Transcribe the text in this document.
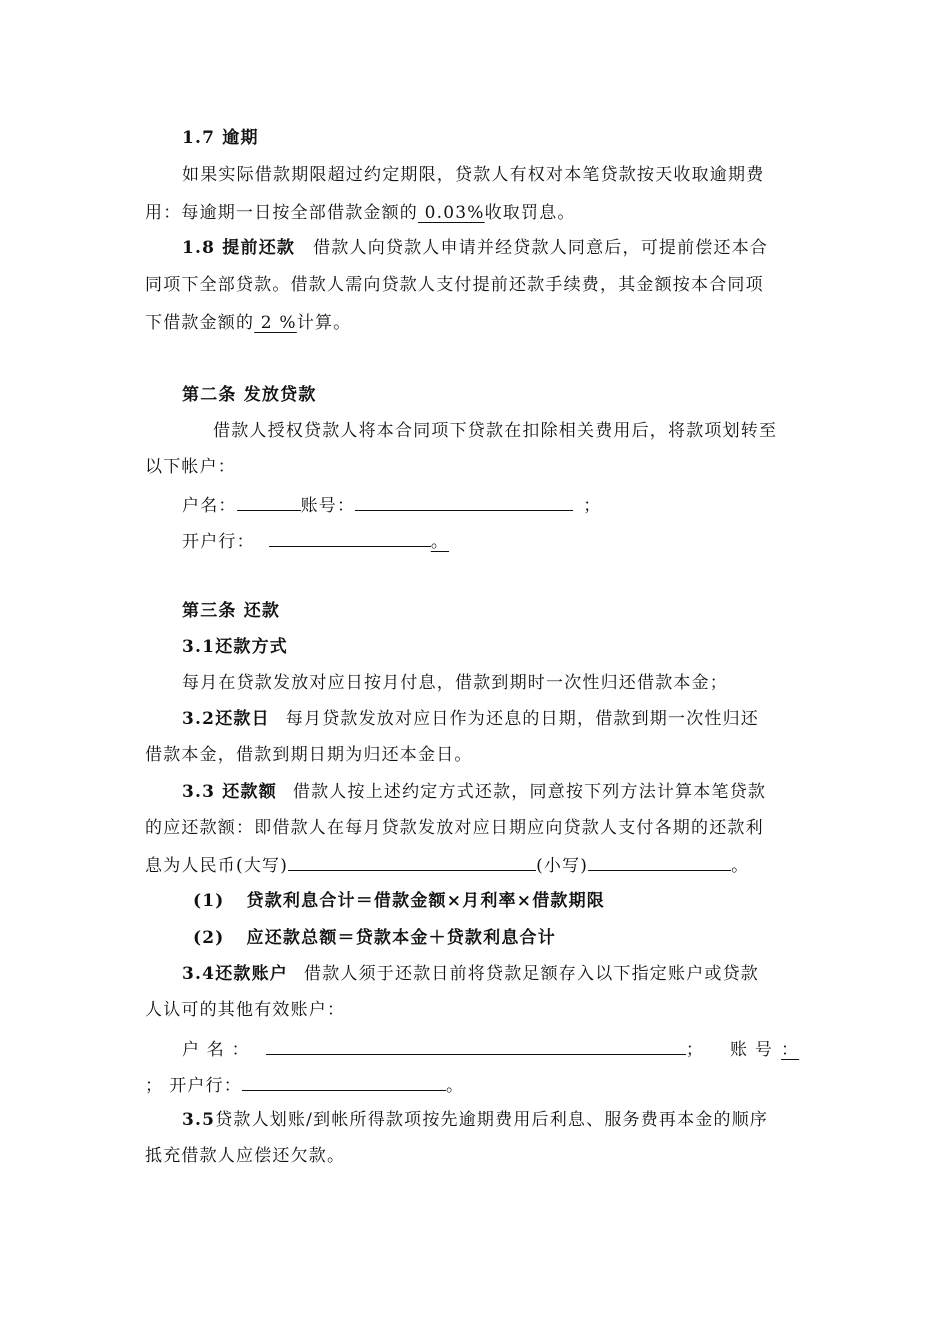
1.7 逾期
如果实际借款期限超过约定期限，贷款人有权对本笔贷款按天收取逾期费
用：每逾期一日按全部借款金额的 0.03%收取罚息。
1.8 提前还款 借款人向贷款人申请并经贷款人同意后，可提前偿还本合
同项下全部贷款。借款人需向贷款人支付提前还款手续费，其金额按本合同项
下借款金额的 2 %计算。
第二条 发放贷款
借款人授权贷款人将本合同项下贷款在扣除相关费用后，将款项划转至
以下帐户：
户名：	账号：	；
开户行：	。
第三条 还款
3.1还款方式
每月在贷款发放对应日按月付息，借款到期时一次性归还借款本金；
3.2还款日 每月贷款发放对应日作为还息的日期，借款到期一次性归还
借款本金，借款到期日期为归还本金日。
3.3 还款额 借款人按上述约定方式还款，同意按下列方法计算本笔贷款
的应还款额：即借款人在每月贷款发放对应日期应向贷款人支付各期的还款利
息为人民币(大写)	(小写)	。
(1) 贷款利息合计＝借款金额×月利率×借款期限
(2) 应还款总额＝贷款本金＋贷款利息合计
3.4还款账户 借款人须于还款日前将贷款足额存入以下指定账户或贷款
人认可的其他有效账户：
户 名 ：	； 账 号 ：
； 开户行：	。
3.5贷款人划账/到帐所得款项按先逾期费用后利息、服务费再本金的顺序
抵充借款人应偿还欠款。
